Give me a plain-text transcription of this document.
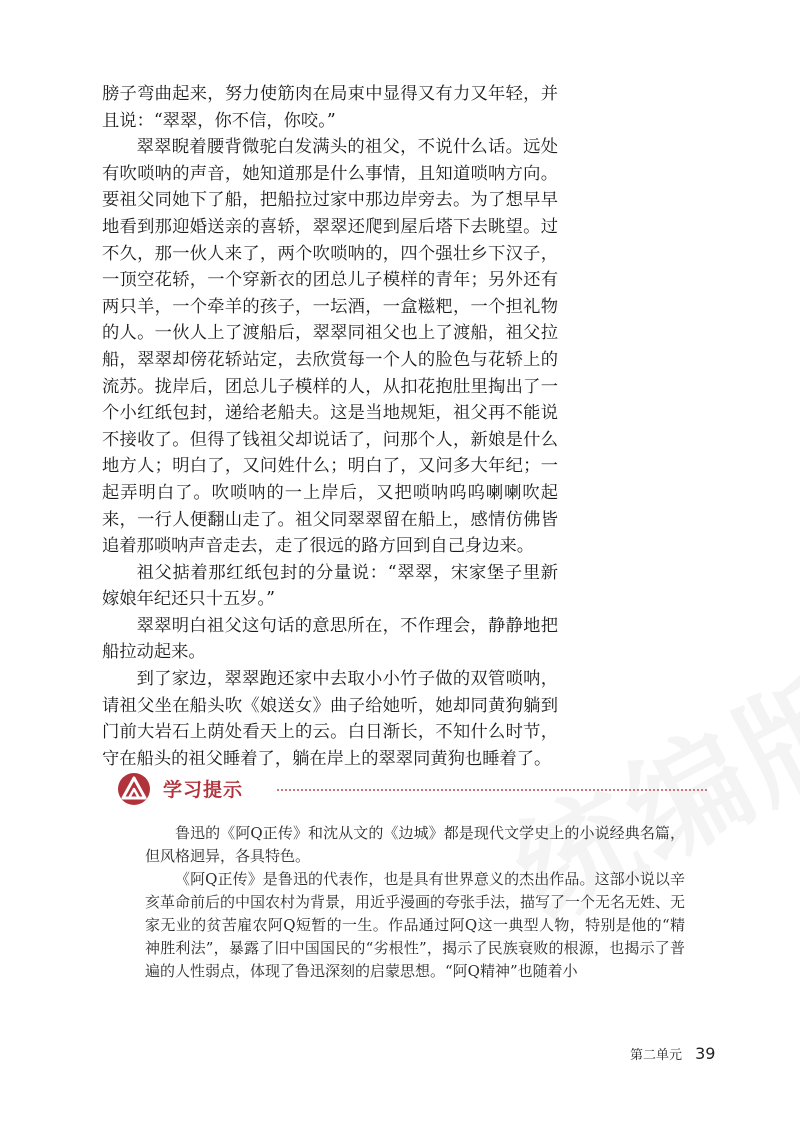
膀子弯曲起来，努力使筋肉在局束中显得又有力又年轻，并且说：“翠翠，你不信，你咬。”

翠翠睨着腰背微驼白发满头的祖父，不说什么话。远处有吹唢呐的声音，她知道那是什么事情，且知道唢呐方向。要祖父同她下了船，把船拉过家中那边岸旁去。为了想早早地看到那迎婚送亲的喜轿，翠翠还爬到屋后塔下去眺望。过不久，那一伙人来了，两个吹唢呐的，四个强壮乡下汉子，一顶空花轿，一个穿新衣的团总儿子模样的青年；另外还有两只羊，一个牵羊的孩子，一坛酒，一盒糍粑，一个担礼物的人。一伙人上了渡船后，翠翠同祖父也上了渡船，祖父拉船，翠翠却傍花轿站定，去欣赏每一个人的脸色与花轿上的流苏。拢岸后，团总儿子模样的人，从扣花抱肚里掏出了一个小红纸包封，递给老船夫。这是当地规矩，祖父再不能说不接收了。但得了钱祖父却说话了，问那个人，新娘是什么地方人；明白了，又问姓什么；明白了，又问多大年纪；一起弄明白了。吹唢呐的一上岸后，又把唢呐呜呜喇喇吹起来，一行人便翻山走了。祖父同翠翠留在船上，感情仿佛皆追着那唢呐声音走去，走了很远的路方回到自己身边来。

祖父掂着那红纸包封的分量说：“翠翠，宋家堡子里新嫁娘年纪还只十五岁。”

翠翠明白祖父这句话的意思所在，不作理会，静静地把船拉动起来。

到了家边，翠翠跑还家中去取小小竹子做的双管唢呐，请祖父坐在船头吹《娘送女》曲子给她听，她却同黄狗躺到门前大岩石上荫处看天上的云。白日渐长，不知什么时节，守在船头的祖父睡着了，躺在岸上的翠翠同黄狗也睡着了。

学习提示

鲁迅的《阿Q正传》和沈从文的《边城》都是现代文学史上的小说经典名篇，但风格迥异，各具特色。

《阿Q正传》是鲁迅的代表作，也是具有世界意义的杰出作品。这部小说以辛亥革命前后的中国农村为背景，用近乎漫画的夸张手法，描写了一个无名无姓、无家无业的贫苦雇农阿Q短暂的一生。作品通过阿Q这一典型人物，特别是他的“精神胜利法”，暴露了旧中国国民的“劣根性”，揭示了民族衰败的根源，也揭示了普遍的人性弱点，体现了鲁迅深刻的启蒙思想。“阿Q精神”也随着小

第二单元 39
